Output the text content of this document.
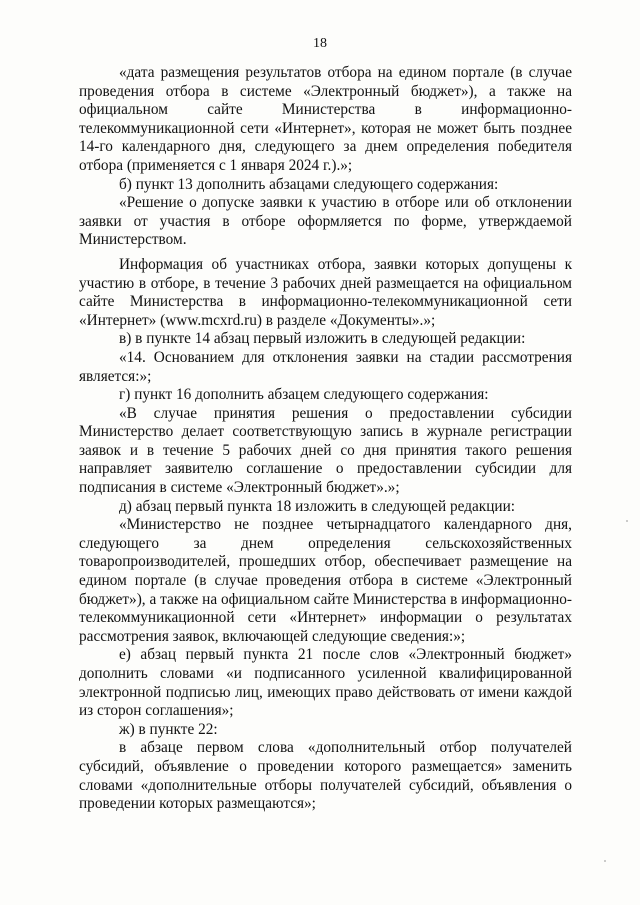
18

«дата размещения результатов отбора на едином портале (в случае проведения отбора в системе «Электронный бюджет»), а также на официальном сайте Министерства в информационно-телекоммуникационной сети «Интернет», которая не может быть позднее 14-го календарного дня, следующего за днем определения победителя отбора (применяется с 1 января 2024 г.).»;

б) пункт 13 дополнить абзацами следующего содержания:

«Решение о допуске заявки к участию в отборе или об отклонении заявки от участия в отборе оформляется по форме, утверждаемой Министерством.

Информация об участниках отбора, заявки которых допущены к участию в отборе, в течение 3 рабочих дней размещается на официальном сайте Министерства в информационно-телекоммуникационной сети «Интернет» (www.mcxrd.ru) в разделе «Документы».»;

в) в пункте 14 абзац первый изложить в следующей редакции:

«14. Основанием для отклонения заявки на стадии рассмотрения является:»;

г) пункт 16 дополнить абзацем следующего содержания:

«В случае принятия решения о предоставлении субсидии Министерство делает соответствующую запись в журнале регистрации заявок и в течение 5 рабочих дней со дня принятия такого решения направляет заявителю соглашение о предоставлении субсидии для подписания в системе «Электронный бюджет».»;

д) абзац первый пункта 18 изложить в следующей редакции:

«Министерство не позднее четырнадцатого календарного дня, следующего за днем определения сельскохозяйственных товаропроизводителей, прошедших отбор, обеспечивает размещение на едином портале (в случае проведения отбора в системе «Электронный бюджет»), а также на официальном сайте Министерства в информационно-телекоммуникационной сети «Интернет» информации о результатах рассмотрения заявок, включающей следующие сведения:»;

е) абзац первый пункта 21 после слов «Электронный бюджет» дополнить словами «и подписанного усиленной квалифицированной электронной подписью лиц, имеющих право действовать от имени каждой из сторон соглашения»;

ж) в пункте 22:

в абзаце первом слова «дополнительный отбор получателей субсидий, объявление о проведении которого размещается» заменить словами «дополнительные отборы получателей субсидий, объявления о проведении которых размещаются»;
